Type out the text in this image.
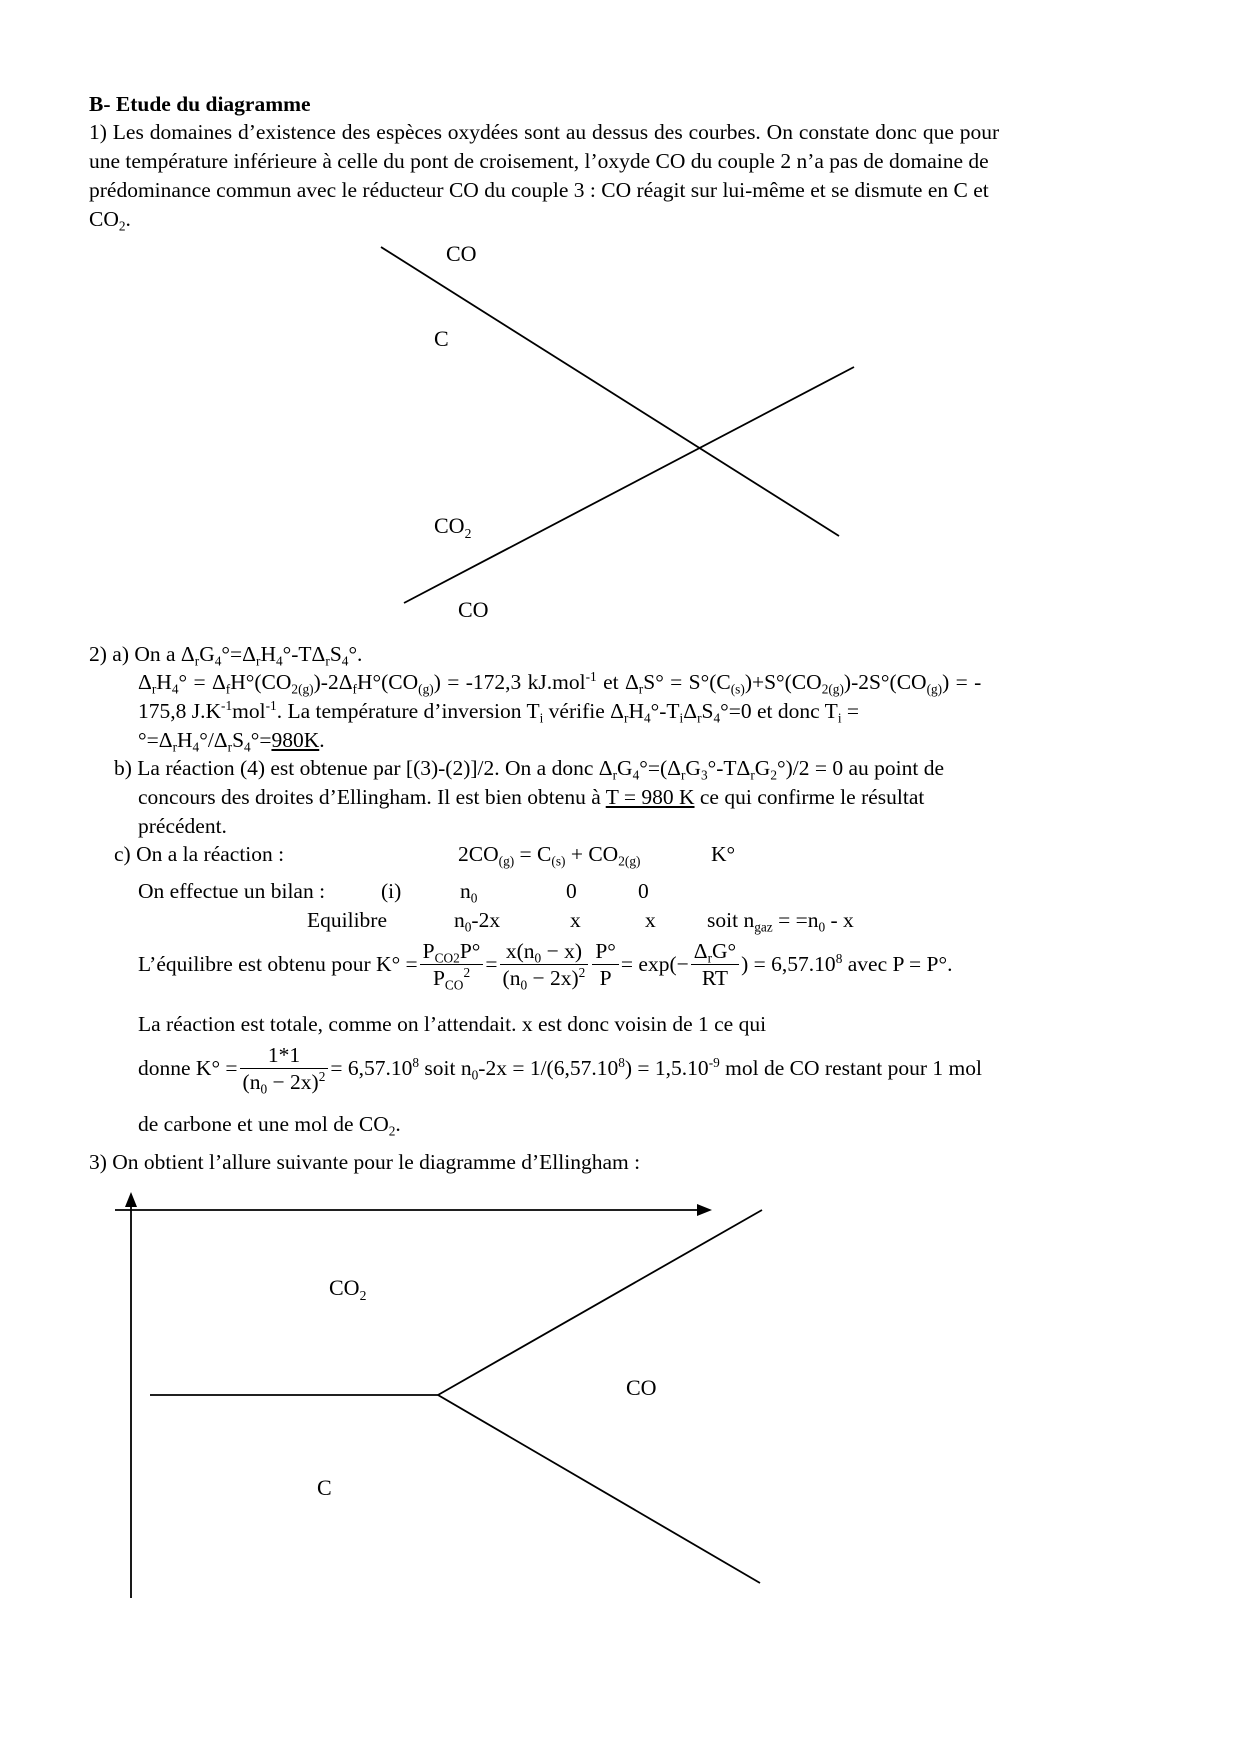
B- Etude du diagramme
1) Les domaines d’existence des espèces oxydées sont au dessus des courbes. On constate donc que pour
une température inférieure à celle du pont de croisement, l’oxyde CO du couple 2 n’a pas de domaine de
prédominance commun avec le réducteur CO du couple 3 : CO réagit sur lui-même et se dismute en C et
$CO_2$.
CO
C
$CO_2$
CO
2) a) On a $\Delta_rG_4^\circ=\Delta_rH_4^\circ-T\Delta_rS_4^\circ$.
$\Delta_rH_4^\circ = \Delta_fH^\circ(CO_{2(g)})-2\Delta_fH^\circ(CO_{(g)}) = -172,3$ kJ.mol$^{-1}$ et $\Delta_rS^\circ = S^\circ(C_{(s)})+S^\circ(CO_{2(g)})-2S^\circ(CO_{(g)})$ = -
175,8 $J.K^{-1}mol^{-1}$. La température d’inversion $T_i$ vérifie $\Delta_rH_4^\circ-T_i\Delta_rS_4^\circ=0$ et donc $T_i$ =
$^\circ=\Delta_rH_4^\circ/\Delta_rS_4^\circ=980K$.
b) La réaction (4) est obtenue par [(3)-(2)]/2. On a donc $\Delta_rG_4^\circ=(\Delta_rG_3^\circ-T\Delta_rG_2^\circ)/2 = 0$ au point de
concours des droites d’Ellingham. Il est bien obtenu à T = 980 K ce qui confirme le résultat
précédent.
c) On a la réaction :	$2CO_{(g)} = C_{(s)} + CO_{2(g)}$	K°
On effectue un bilan :	(i)	$n_0$	0	0
Equilibre	$n_0-2x$	x	x soit $n_{gaz} = =n_0 - x$
L’équilibre est obtenu pour $K^\circ = \frac{P_{CO2}P^\circ}{P_{CO}^2} = \frac{x(n_0 - x)}{(n_0 - 2x)^2} \frac{P^\circ}{P} = \exp(- \frac{\Delta_rG^\circ}{RT}$ ) = $6,57.10^8$ avec P = P°.
La réaction est totale, comme on l’attendait. x est donc voisin de 1 ce qui
donne $K^\circ = \frac{1*1}{(n_0 - 2x)^2} = 6,57.10^8$ soit $n_0-2x = 1/(6,57.10^8) = 1,5.10^{-9}$ mol de CO restant pour 1 mol
de carbone et une mol de $CO_2$.
3) On obtient l’allure suivante pour le diagramme d’Ellingham :
$CO_2$
CO
C
